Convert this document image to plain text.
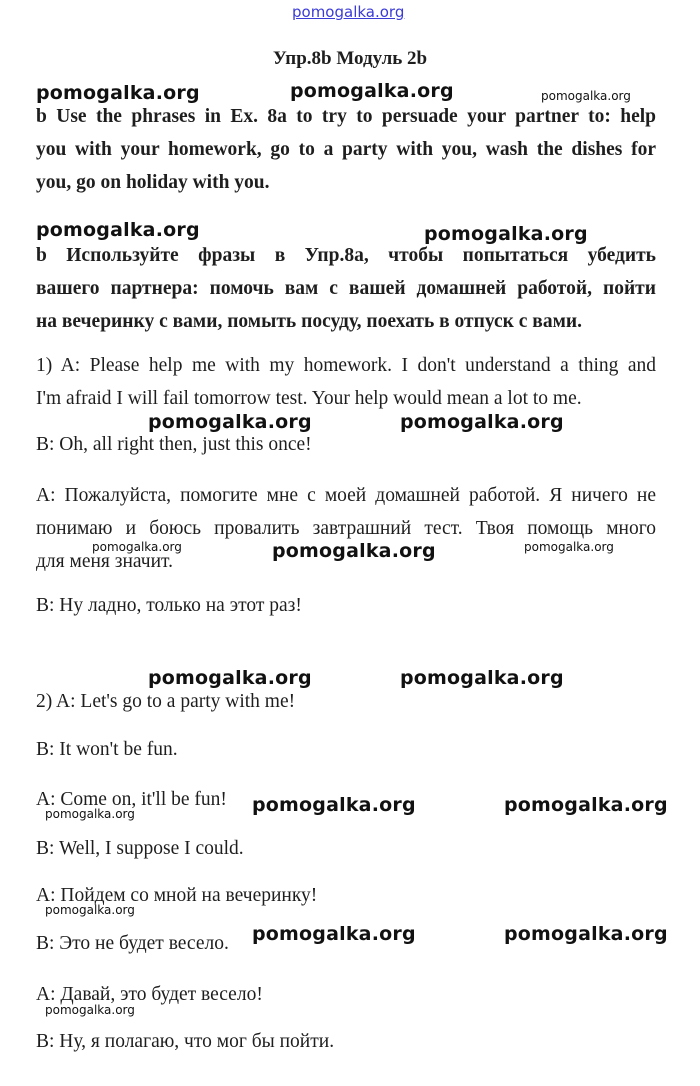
pomogalka.org
Упр.8b Модуль 2b
pomogalka.org	pomogalka.org	pomogalka.org
b Use the phrases in Ex. 8a to try to persuade your partner to: help
you with your homework, go to a party with you, wash the dishes for
you, go on holiday with you.
pomogalka.org	pomogalka.org
b Используйте фразы в Упр.8а, чтобы попытаться убедить
вашего партнера: помочь вам с вашей домашней работой, пойти
на вечеринку с вами, помыть посуду, поехать в отпуск с вами.
1) A: Please help me with my homework. I don't understand a thing and
I'm afraid I will fail tomorrow test. Your help would mean a lot to me.
pomogalka.org	pomogalka.org
B: Oh, all right then, just this once!
A: Пожалуйста, помогите мне с моей домашней работой. Я ничего не
понимаю и боюсь провалить завтрашний тест. Твоя помощь много
для меня значит.
pomogalka.org	pomogalka.org	pomogalka.org
B: Ну ладно, только на этот раз!
pomogalka.org	pomogalka.org
2) A: Let's go to a party with me!
B: It won't be fun.
A: Come on, it'll be fun! pomogalka.org	pomogalka.org
pomogalka.org
B: Well, I suppose I could.
A: Пойдем со мной на вечеринку!
pomogalka.org
B: Это не будет весело. pomogalka.org	pomogalka.org
A: Давай, это будет весело!
pomogalka.org
B: Ну, я полагаю, что мог бы пойти.
